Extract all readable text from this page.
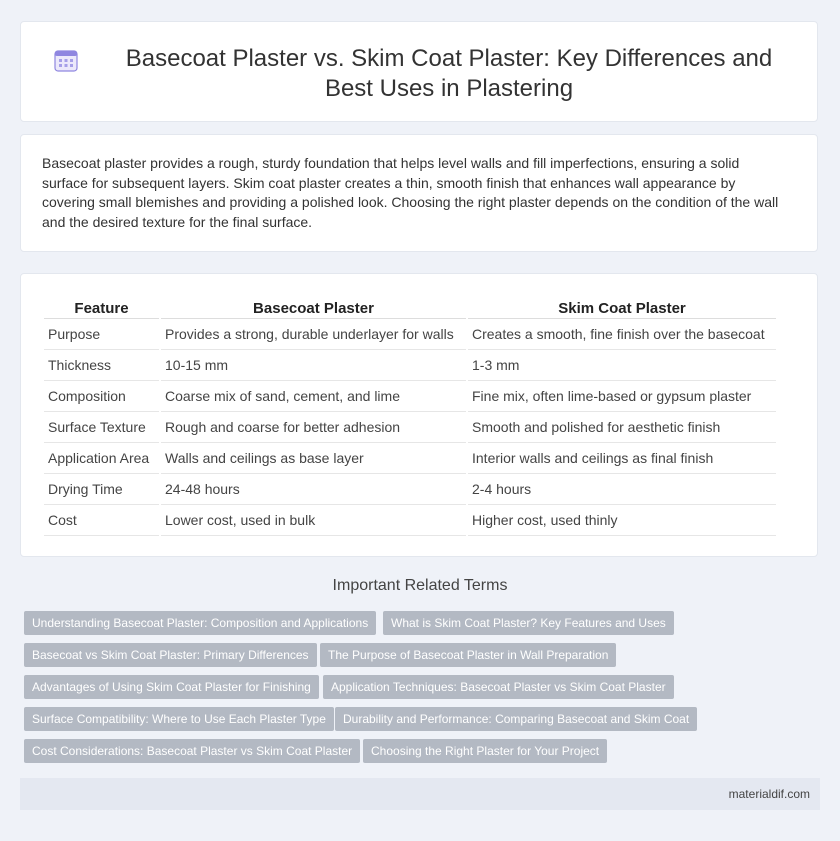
Basecoat Plaster vs. Skim Coat Plaster: Key Differences and Best Uses in Plastering

Basecoat plaster provides a rough, sturdy foundation that helps level walls and fill imperfections, ensuring a solid surface for subsequent layers. Skim coat plaster creates a thin, smooth finish that enhances wall appearance by covering small blemishes and providing a polished look. Choosing the right plaster depends on the condition of the wall and the desired texture for the final surface.

Feature	Basecoat Plaster	Skim Coat Plaster
Purpose	Provides a strong, durable underlayer for walls	Creates a smooth, fine finish over the basecoat
Thickness	10-15 mm	1-3 mm
Composition	Coarse mix of sand, cement, and lime	Fine mix, often lime-based or gypsum plaster
Surface Texture	Rough and coarse for better adhesion	Smooth and polished for aesthetic finish
Application Area	Walls and ceilings as base layer	Interior walls and ceilings as final finish
Drying Time	24-48 hours	2-4 hours
Cost	Lower cost, used in bulk	Higher cost, used thinly
Important Related Terms
Understanding Basecoat Plaster: Composition and Applications	What is Skim Coat Plaster? Key Features and Uses
Basecoat vs Skim Coat Plaster: Primary Differences	The Purpose of Basecoat Plaster in Wall Preparation
Advantages of Using Skim Coat Plaster for Finishing	Application Techniques: Basecoat Plaster vs Skim Coat Plaster
Surface Compatibility: Where to Use Each Plaster Type	Durability and Performance: Comparing Basecoat and Skim Coat
Cost Considerations: Basecoat Plaster vs Skim Coat Plaster	Choosing the Right Plaster for Your Project
materialdif.com
